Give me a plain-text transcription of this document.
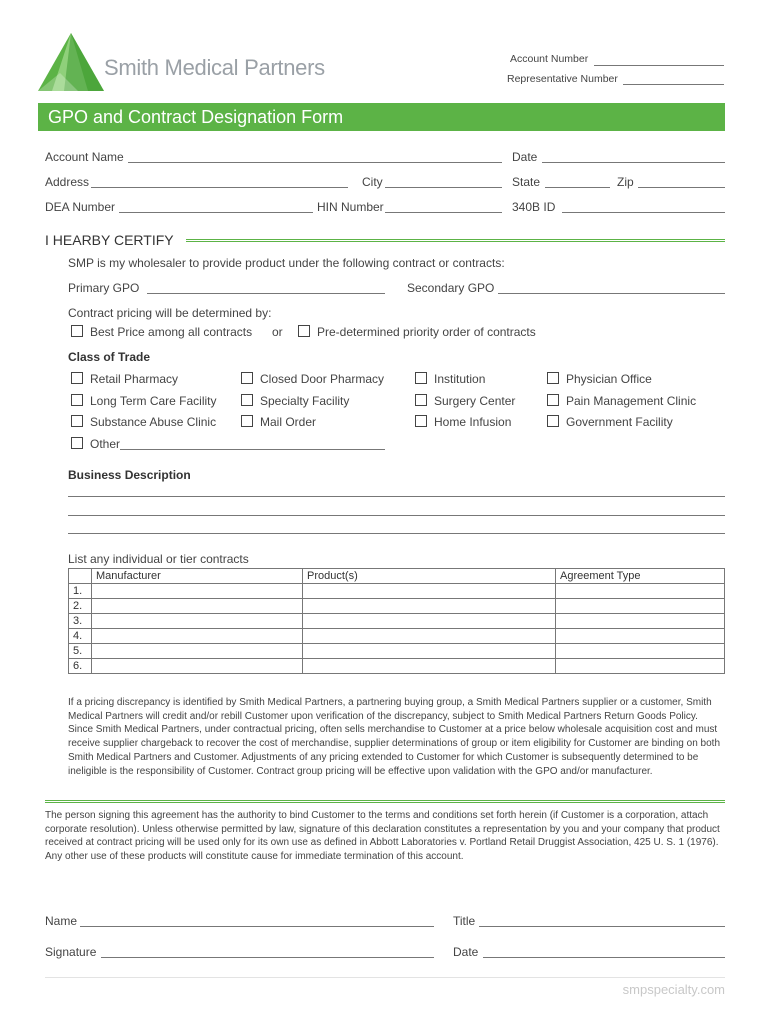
Smith Medical Partners	Account Number
Representative Number
GPO and Contract Designation Form
Account Name	Date
Address	City	State	Zip
DEA Number	HIN Number	340B ID
I HEARBY CERTIFY
SMP is my wholesaler to provide product under the following contract or contracts:
Primary GPO	Secondary GPO
Contract pricing will be determined by:
Best Price among all contracts or	Pre-determined priority order of contracts
Class of Trade
Retail Pharmacy	Closed Door Pharmacy	Institution	Physician Office
Long Term Care Facility	Specialty Facility	Surgery Center	Pain Management Clinic
Substance Abuse Clinic	Mail Order	Home Infusion	Government Facility
Other
Business Description
List any individual or tier contracts
	Manufacturer	Product(s)	Agreement Type
1.			
2.			
3.			
4.			
5.			
6.			
If a pricing discrepancy is identified by Smith Medical Partners, a partnering buying group, a Smith Medical Partners supplier or a customer, Smith Medical Partners will credit and/or rebill Customer upon verification of the discrepancy, subject to Smith Medical Partners Return Goods Policy. Since Smith Medical Partners, under contractual pricing, often sells merchandise to Customer at a price below wholesale acquisition cost and must receive supplier chargeback to recover the cost of merchandise, supplier determinations of group or item eligibility for Customer are binding on both Smith Medical Partners and Customer. Adjustments of any pricing extended to Customer for which Customer is subsequently determined to be ineligible is the responsibility of Customer. Contract group pricing will be effective upon validation with the GPO and/or manufacturer.
The person signing this agreement has the authority to bind Customer to the terms and conditions set forth herein (if Customer is a corporation, attach corporate resolution). Unless otherwise permitted by law, signature of this declaration constitutes a representation by you and your company that product received at contract pricing will be used only for its own use as defined in Abbott Laboratories v. Portland Retail Druggist Association, 425 U. S. 1 (1976). Any other use of these products will constitute cause for immediate termination of this account.
Name	Title
Signature	Date
smpspecialty.com
